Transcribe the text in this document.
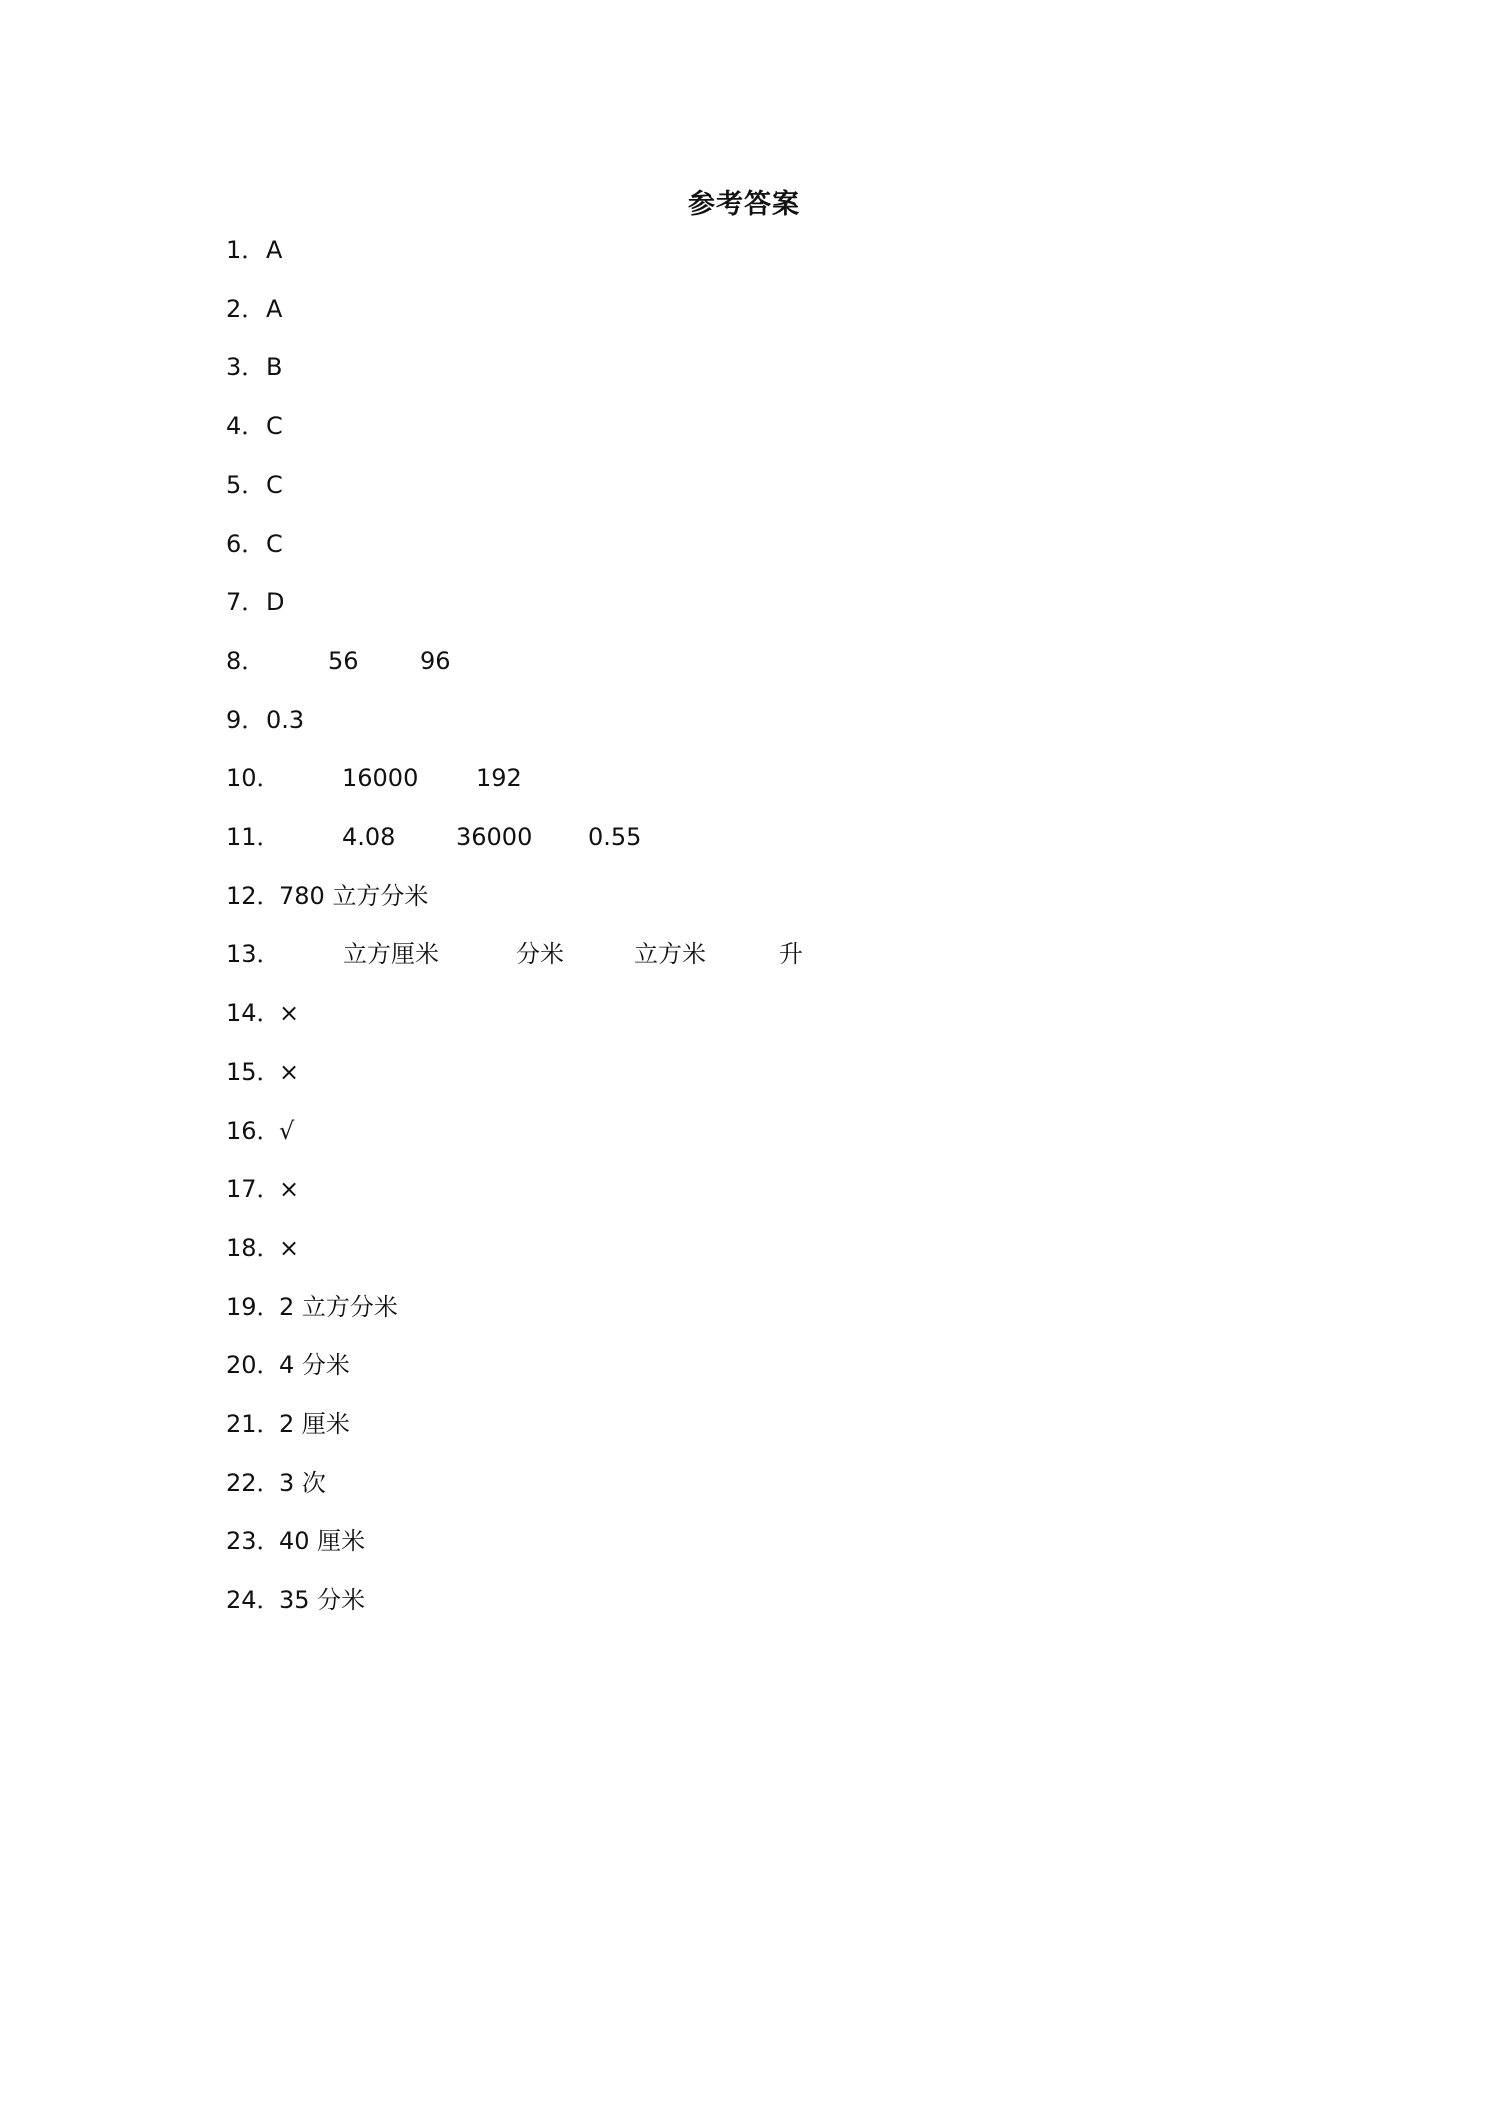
参考答案
1． A
2． A
3． B
4． C
5． C
6． C
7． D
8．	56	96
9． 0.3
10．	16000 192
11．	4.08	36000 0.55
12．
780 立方分米
13．	立方厘米	分米	立方米	升
14．
×
15．
×
16．
√
17．
×
18．
×
19．
2 立方分米
20．
4 分米
21．
2 厘米
22．
3 次
23．
40 厘米
24．
35 分米
